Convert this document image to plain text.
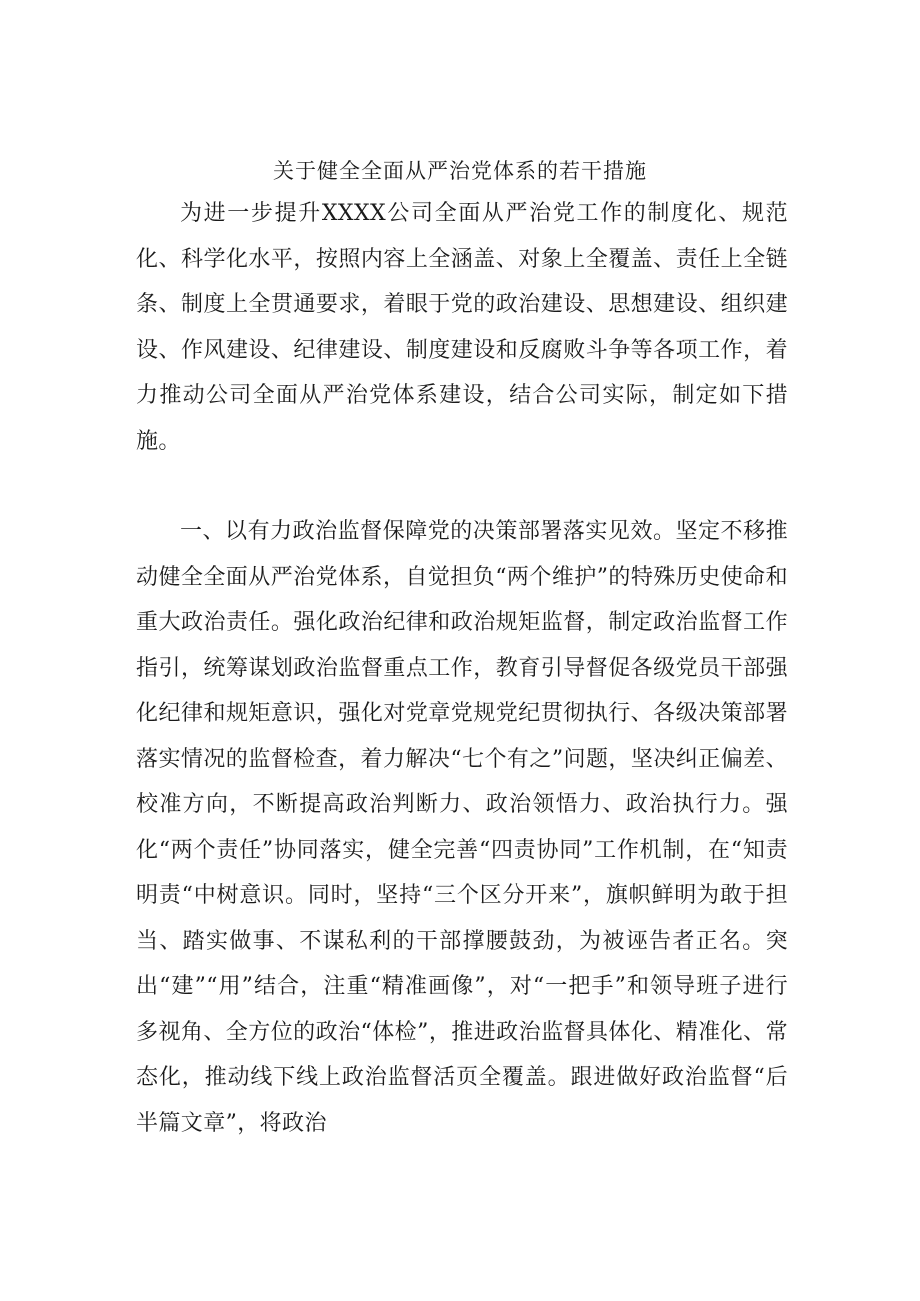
关于健全全面从严治党体系的若干措施

为进一步提升XXXX公司全面从严治党工作的制度化、规范化、科学化水平，按照内容上全涵盖、对象上全覆盖、责任上全链条、制度上全贯通要求，着眼于党的政治建设、思想建设、组织建设、作风建设、纪律建设、制度建设和反腐败斗争等各项工作，着力推动公司全面从严治党体系建设，结合公司实际，制定如下措施。

一、以有力政治监督保障党的决策部署落实见效。坚定不移推动健全全面从严治党体系，自觉担负“两个维护”的特殊历史使命和重大政治责任。强化政治纪律和政治规矩监督，制定政治监督工作指引，统筹谋划政治监督重点工作，教育引导督促各级党员干部强化纪律和规矩意识，强化对党章党规党纪贯彻执行、各级决策部署落实情况的监督检查，着力解决“七个有之”问题，坚决纠正偏差、校准方向，不断提高政治判断力、政治领悟力、政治执行力。强化“两个责任”协同落实，健全完善“四责协同”工作机制，在“知责明责“中树意识。同时，坚持“三个区分开来”，旗帜鲜明为敢于担当、踏实做事、不谋私利的干部撑腰鼓劲，为被诬告者正名。突出“建”“用”结合，注重“精准画像”，对“一把手”和领导班子进行多视角、全方位的政治“体检”，推进政治监督具体化、精准化、常态化，推动线下线上政治监督活页全覆盖。跟进做好政治监督“后半篇文章”，将政治
